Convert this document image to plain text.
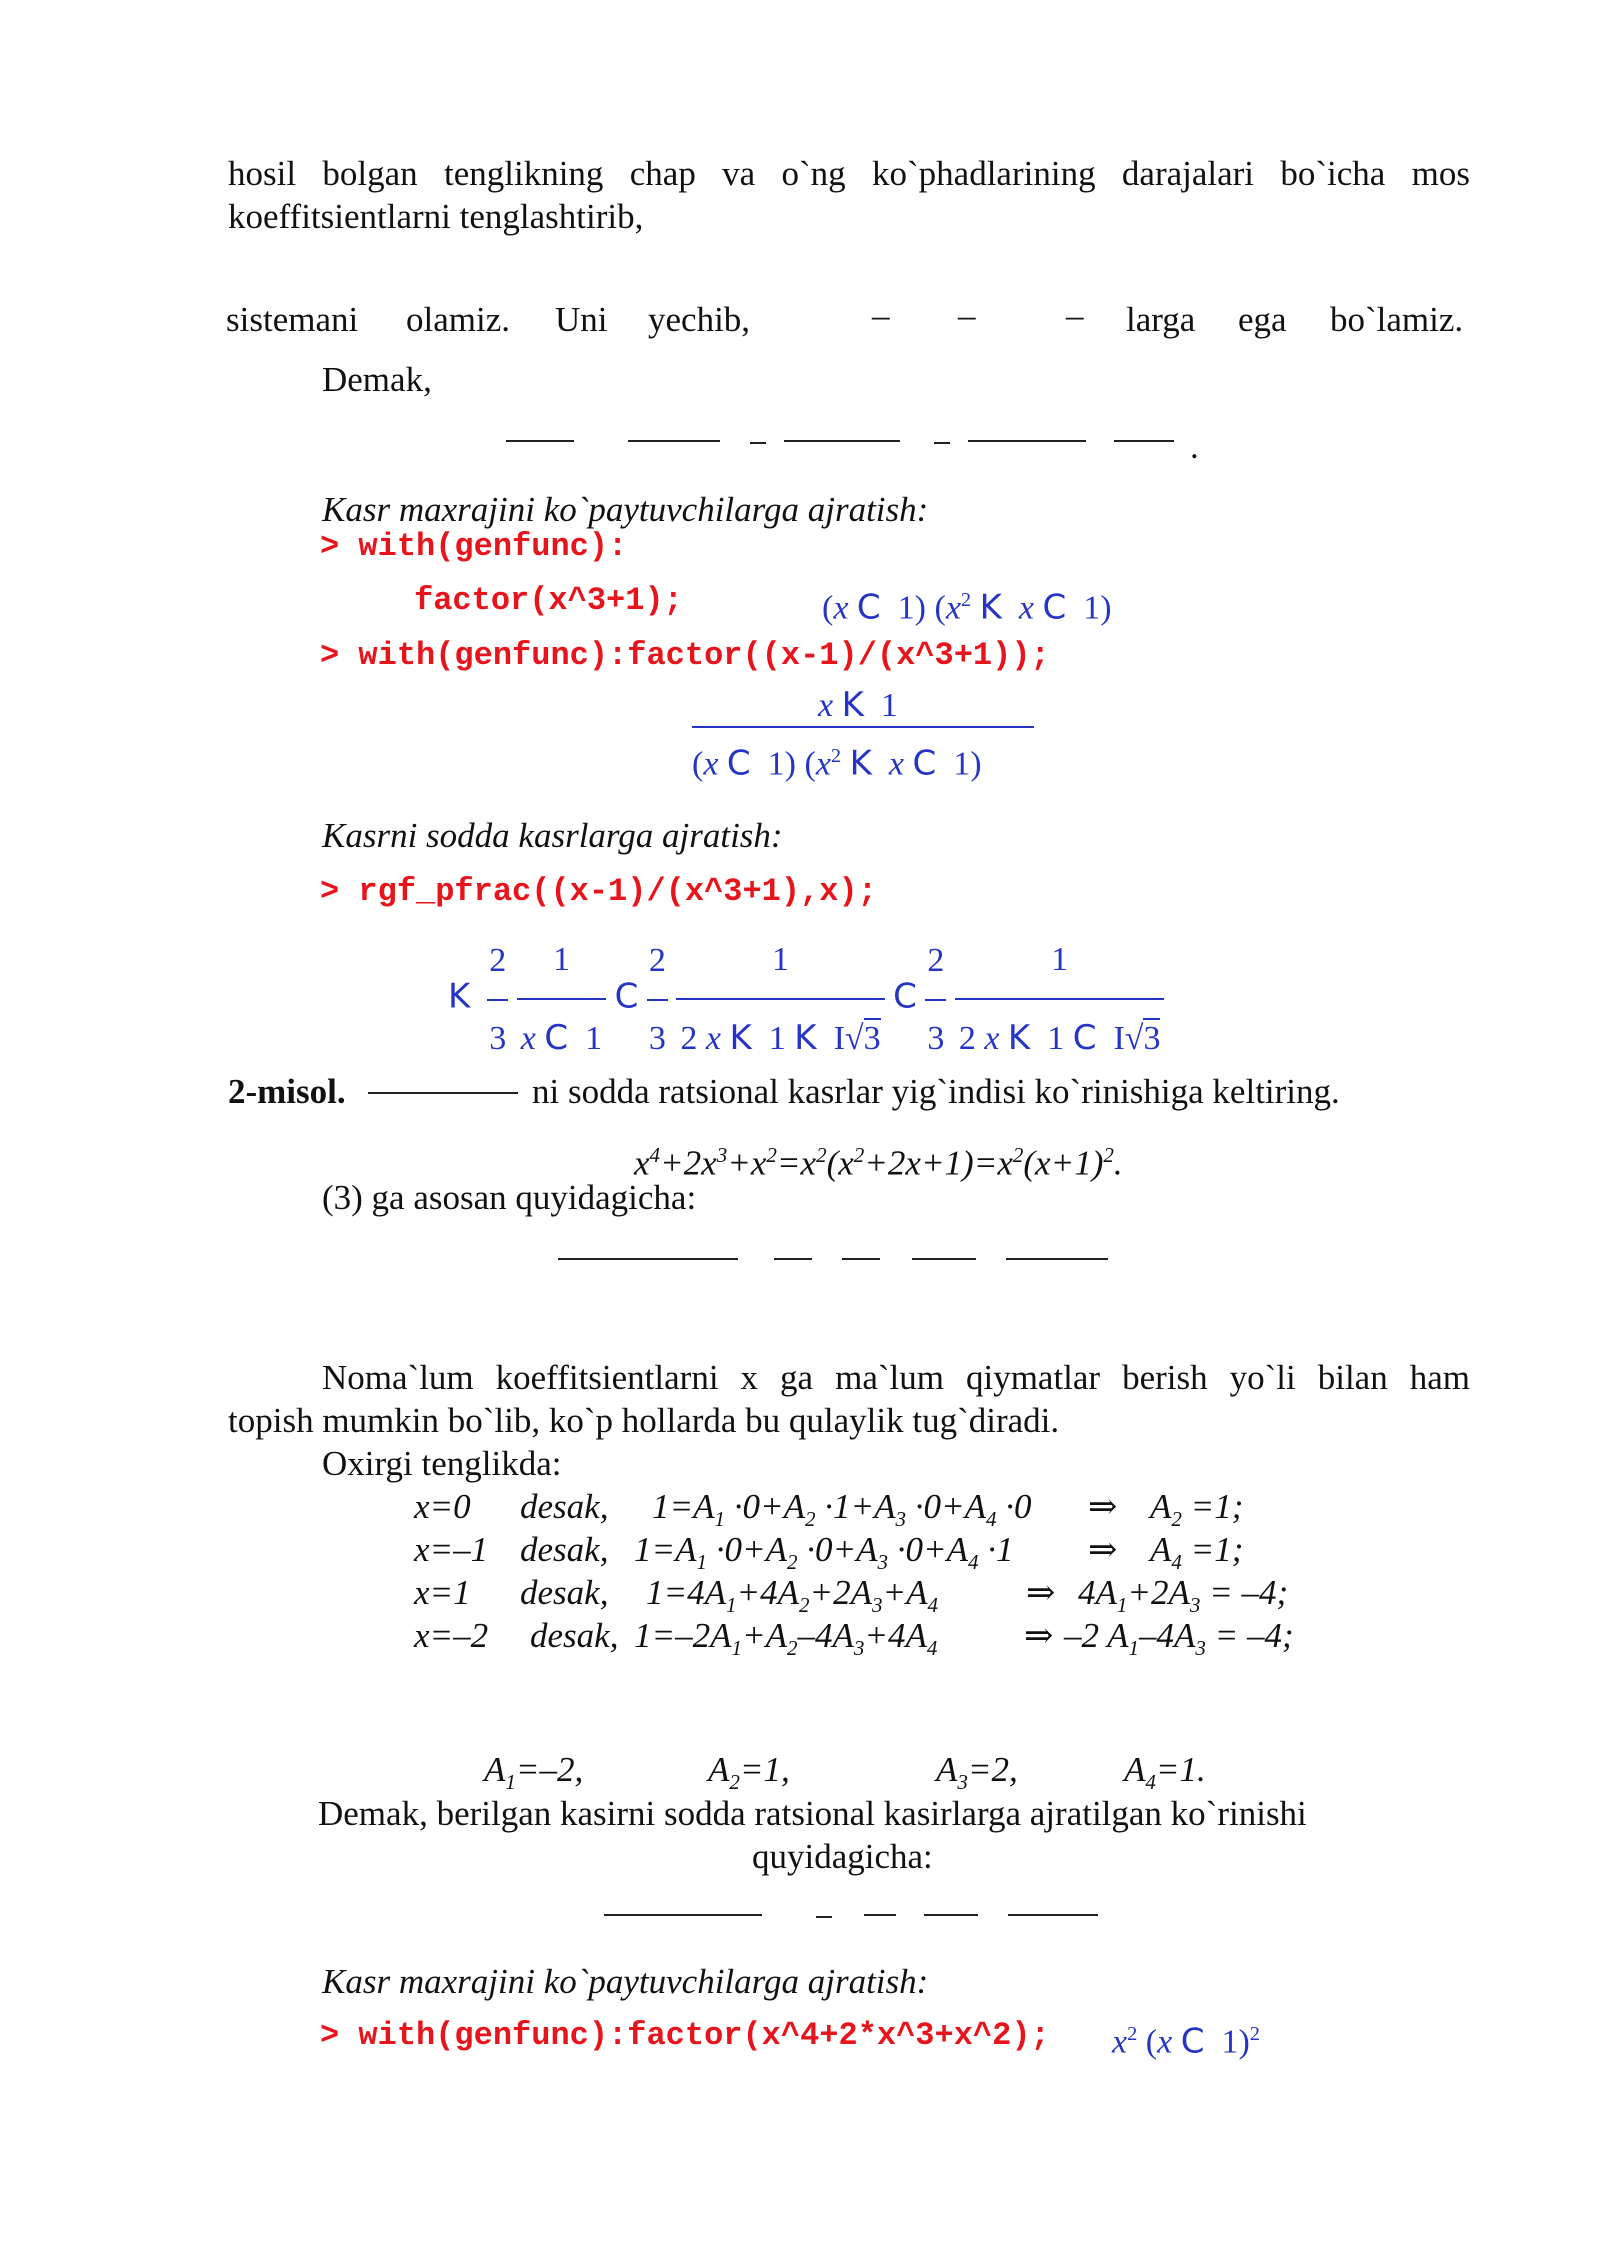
hosil bolgan tenglikning chap va o`ng ko`phadlarining darajalari bo`icha mos
koeffitsientlarni tenglashtirib,
sistemani olamiz. Uni yechib,	– –	– larga ega bo`lamiz.
Demak,
.
Kasr maxrajini ko`paytuvchilarga ajratish:
> with(genfunc):
factor(x^3+1);	(x C  1) ($x^2$ K x C  1)
> with(genfunc):factor((x-1)/(x^3+1));
x K  1
(x C  1) ($x^2$ K x C  1)
Kasrni sodda kasrlarga ajratish:
> rgf_pfrac((x-1)/(x^3+1),x);
K $\frac{2}{3}$
$\frac{1}{\text{x C  1}}$ C $\frac{2}{3}$
$\frac{1}{\text{2 x K  1 K  I√3}}$ C $\frac{2}{3}$
$\frac{1}{\text{2 x K  1 C  I√3}}$
2-misol.	ni sodda ratsional kasrlar yig`indisi ko`rinishiga keltiring.
$x^4+2x^3+x^2=x^2(x^2+2x+1)=x^2(x+1)^2$.
(3) ga asosan quyidagicha:
Noma`lum koeffitsientlarni x ga ma`lum qiymatlar berish yo`li bilan ham
topish mumkin bo`lib, ko`p hollarda bu qulaylik tug`diradi.
Oxirgi tenglikda:
x=0 desak, $1=A_1 \cdot 0+A_2 \cdot 1+A_3 \cdot 0+A_4 \cdot 0$ ⇒ $A_2 =1$;
x=–1 desak, $1=A_1 \cdot 0+A_2 \cdot 0+A_3 \cdot 0+A_4 \cdot 1$ ⇒ $A_4 =1$;
x=1 desak, $1=4A_1+4A_2+2A_3+A_4$	⇒ $4A_1+2A_3 = -4$;
x=–2 desak, $1=-2A_1+A_2-4A_3+4A_4$ ⇒ –2 $A_1-4A_3 = -4$;
$A_1=-2$,	$A_2=1$,	$A_3=2$,	$A_4=1$.
Demak, berilgan kasirni sodda ratsional kasirlarga ajratilgan ko`rinishi
quyidagicha:
Kasr maxrajini ko`paytuvchilarga ajratish:
> with(genfunc):factor(x^4+2*x^3+x^2); $x^2$ (x C  1)$^2$
